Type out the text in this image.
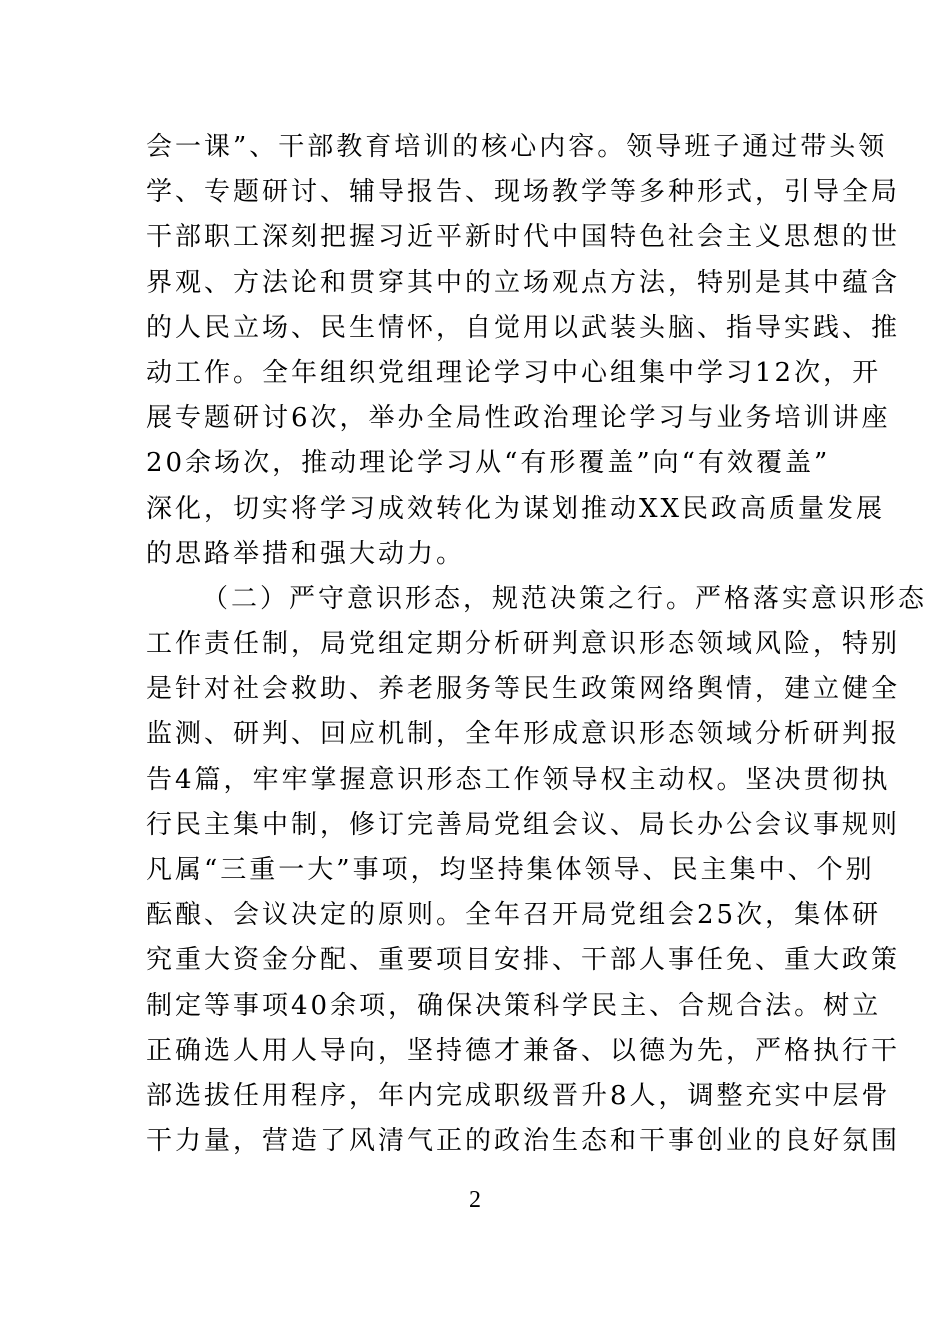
会一课”、干部教育培训的核心内容。领导班子通过带头领
学、专题研讨、辅导报告、现场教学等多种形式，引导全局
干部职工深刻把握习近平新时代中国特色社会主义思想的世
界观、方法论和贯穿其中的立场观点方法，特别是其中蕴含
的人民立场、民生情怀，自觉用以武装头脑、指导实践、推
动工作。全年组织党组理论学习中心组集中学习12次，开
展专题研讨6次，举办全局性政治理论学习与业务培训讲座
20余场次，推动理论学习从“有形覆盖”向“有效覆盖”
深化，切实将学习成效转化为谋划推动XX民政高质量发展
的思路举措和强大动力。
（二）严守意识形态，规范决策之行。严格落实意识形态
工作责任制，局党组定期分析研判意识形态领域风险，特别
是针对社会救助、养老服务等民生政策网络舆情，建立健全
监测、研判、回应机制，全年形成意识形态领域分析研判报
告4篇，牢牢掌握意识形态工作领导权主动权。坚决贯彻执
行民主集中制，修订完善局党组会议、局长办公会议事规则
凡属“三重一大”事项，均坚持集体领导、民主集中、个别
酝酿、会议决定的原则。全年召开局党组会25次，集体研
究重大资金分配、重要项目安排、干部人事任免、重大政策
制定等事项40余项，确保决策科学民主、合规合法。树立
正确选人用人导向，坚持德才兼备、以德为先，严格执行干
部选拔任用程序，年内完成职级晋升8人，调整充实中层骨
干力量，营造了风清气正的政治生态和干事创业的良好氛围
2
